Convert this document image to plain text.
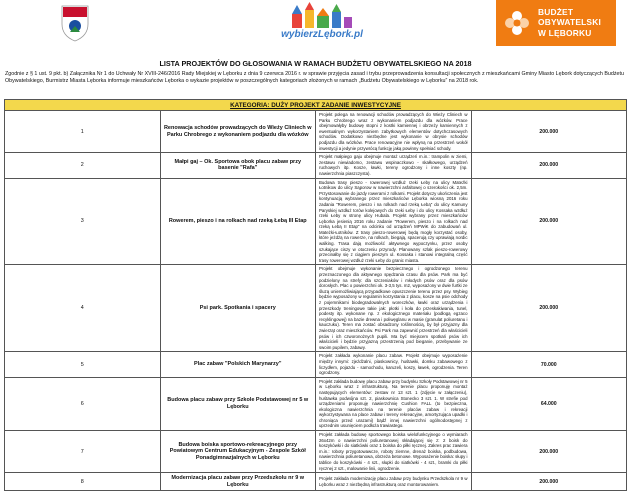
wybierzLębork.pl
BUDŻET
OBYWATELSKI
W LĘBORKU
LISTA PROJEKTÓW DO GŁOSOWANIA W RAMACH BUDŻETU OBYWATELSKIEGO NA 2018
Zgodnie z § 1 ust. 9 pkt. b) Załącznika Nr 1 do Uchwały Nr XVIII-246/2016 Rady Miejskiej w Lęborku z dnia 9 czerwca 2016 r. w sprawie przyjęcia zasad i trybu przeprowadzenia konsultacji społecznych z mieszkańcami Gminy Miasto Lębork dotyczących Budżetu Obywatelskiego, Burmistrz Miasta Lęborka informuje mieszkańców Lęborka o wykazie projektów w poszczególnych kategoriach złożonych w ramach „Budżetu Obywatelskiego w Lęborku” na 2018 rok.
KATEGORIA: DUŻY PROJEKT ZADANIE INWESTYCYJNE			
1	Renowacja schodów prowadzących do Wieży Cliniech w Parku Chrobrego z wykonaniem podjazdu dla wózków	Projekt polega na renowacji schodów prowadzących do Wieży Cliniech w Parku Chrobrego wraz z wykonaniem podjazdu dla wózków. Prace obejmowałyby budowę stopni z kostki kamiennej i obrzeży kamiennych z ewentualnym wykorzystaniem zabytkowych elementów dotychczasowych schodów. Dodatkowo niezbędne jest wykonanie w obrysie schodów podjazdu dla wózków. Prace renowacyjne nie wpłyną na przestrzeń wokół inwestycji a jedynie przywrócą funkcję jaką powinny spełniać schody.	200.000
2	Małpi gaj – Ok. Sportowa obok placu zabaw przy basenie "Rafa"	Projekt małpiego gaju obejmuje montaż urządzeń m.in.: trampolin w ziemi, zestawu niewiadomo, zestawu wspinaczkowo - skałkowego, urządzeń ruchowych itp. Kosze, ławki, tereny ogrodzony i inne koszty (np. nawierzchnia piaszczysta).	200.000
3	Rowerem, pieszo i na rolkach nad rzeką Łebą III Etap	Budowa trasy pieszo - rowerowej wzdłuż rzeki Łeby na ulicy Mateżki Łotnikow do ulicy Sąporow w nawierzchni asfaltowej o szerokości ok. 2,5m. Przystosowanie do jazdy rowerami z rolkami. Projekt dotyczy ukończenia jest kontynuacją wybranego przez mieszkańców Lęborka wiosną 2016 roku zadania "Rowerem, pieszo i na rolkach nad rzeką Łebą" do ulicy Kamuny Paryskiej wzdłuż torów kolejowych do rzeki Łeby i do ulicy Kossaka wzdłuż rzeki Łeby w stronę ulicy Hubala. Projekt wybrany przez mieszkańców Lęborka jesienią 2016 roku zadanie "Rowerem, pieszo i na rolkach nad rzeką Łebą II Etap" na odcinku od urządzeń MPWiK do zabudowań ul. Mateżki-Łotników. Z trasy pieszo-rowerowej będą mogły korzystać osoby, które jeżdżą na rowerze, na rolkach, biegają, spacerują czy uprawiają nordic walking. Trasa dają możliwość aktywnego wypoczynku, przez osoby szukające ciszy w otoczeniu przyrody. Planowany szlak pieszo-rowerowy przecinałby się z ciągiem pieszym ul. Kossaka i stanowi integralną część trasy rowerowej wzdłuż rzeki Łeby do granic miasta.	200.000
4	Psi park. Spotkania i spacery	Projekt obejmuje wykonanie bezpiecznego i ogrodzonego terenu przeznaczonego dla aktywnego spędzania czasu dla psów. Park ma być podzielony na strefy: dla szczeniaków i młodych psów oraz dla psów dorosłych. Plac o powierzchni ok. 3-3,5 tys. m2, wyposażony w dwie furtki ze śluzą uniemożliwiającą przypadkowe opuszczenie terenu przez psy. Wybieg będzie wyposażony w regulamin korzystania z placu, kosze na psie odchody z pojemnikami biodegradowalnych woreczków, ławki oraz urządzenia i przeszkody treningowe takie jak: płotki i koła do przeskakiwania, tunel, podesty itp. wykonane np. z ekologicznego materiału (podłogą egzaco recyklingowej) na bazie drewna i poliwęglanu w masie (granulat poliuretanu i kauczuku). Teren ma zostać obsadzony roślinnością, by był przyjazny dla zwierząt oraz mieszkańców. Psi Park ma zapewnić przestrzeń dla właścicieli psów i ich czworonożnych pupili. Ma być miejscem spotkań psów ich właścicieli i będzie przyjazną przestrzenią pod bieganie, przebywanie ze swoim pupilem, zabawy.	200.000
5	Plac zabaw "Polskich Marynarzy"	Projekt zakłada wykonanie placu zabaw. Projekt obejmuje wyposażenie między innymi: zjeżdżalni, piaskownicy, huśtawki, domku zabawowego z liczydłem, pojazdu - samochodu, karuzeli, koszy, ławek, ogrodzenia. Teren ogrodzony.	70.000
6	Budowa placu zabaw przy Szkole Podstawowej nr 5 w Lęborku	Projekt zakłada budowę placu zabaw przy budynku Szkoły Podstawowej nr 5 w Lęborku wraz z infrastrukturą. Na terenie placu proponuję montaż następujących elementów: zestaw nr 13 szt. 1 (zdjęcie w załączeniu), huśtawka podwójna szt. 2, piaskownica Stonecko 3 szt. 1. W strefie pod urządzeniami proponuję nawierzchnię Cushion FALL (to bezpieczna, ekologiczna nawierzchnia na terenie placów zabaw i rekreacji wykorzystywana na place zabaw i tereny rekreacyjne, amortyzująca upadki i chroniąca przed urazami) bądź innej nawierzchni ogólnodostępnej z uprzednim usunięciem podłoża trawiastego.	64.000
7	Budowa boiska sportowo-rekreacyjnego przy Powiatowym Centrum Edukacyjnym - Zespole Szkół Ponadgimnazjalnych w Lęborku	Projekt zakłada budowę sportowego boiska wielofunkcyjnego o wymiarach 26x42m o nawierzchni poliuretanowej składającej się z: 2 boisk do koszykówki i do siatkówki oraz 1 boiska do piłki ręcznej. Zakres prac zawiera m.in.: roboty przygotowawcze, roboty ziemne, drenaż boiska, podbudowa, nawierzchnia poliuretanowa, obrzeża betonowe. Wyposażenie boiska: słupy i tablice do koszykówki - 4 szt., słupki do siatkówki - 4 szt., bramki do piłki ręcznej 2 szt., malowanie linii, ogrodzenie.	200.000
8	Modernizacja placu zabaw przy Przedszkolu nr 9 w Lęborku	Projekt zakłada modernizację placu zabaw przy budynku Przedszkola nr 9 w Lęborku wraz z niezbędną infrastrukturą oraz montorowaniem.	200.000
